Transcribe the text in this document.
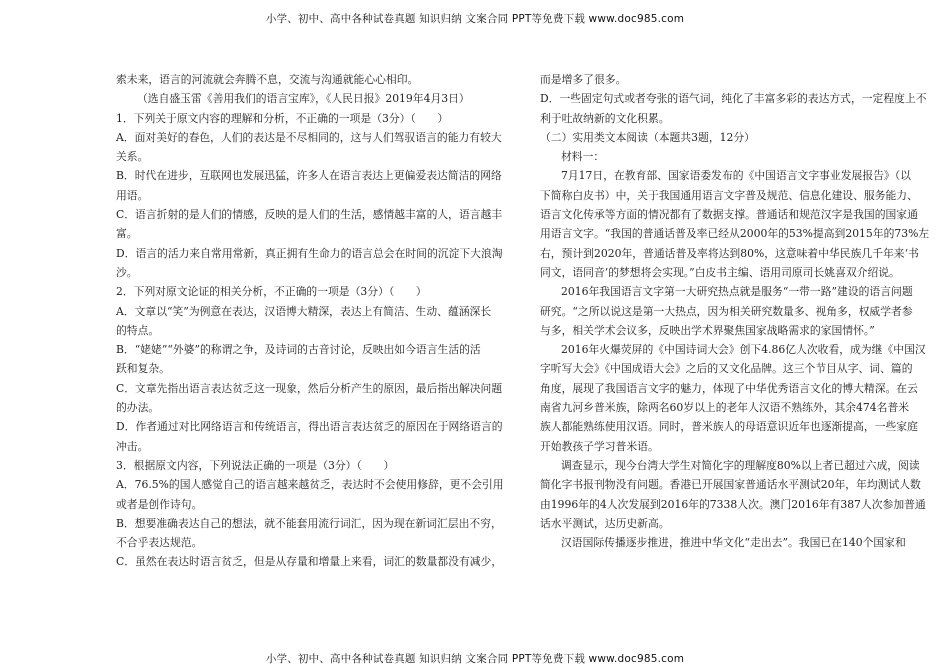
小学、初中、高中各种试卷真题 知识归纳 文案合同 PPT等免费下载 www.doc985.com
索未来，语言的河流就会奔腾不息，交流与沟通就能心心相印。
（选自盛玉雷《善用我们的语言宝库》，《人民日报》2019年4月3日）
1．下列关于原文内容的理解和分析，不正确的一项是（3分）（　　）
A．面对美好的春色，人们的表达是不尽相同的，这与人们驾驭语言的能力有较大
关系。
B．时代在进步，互联网也发展迅猛，许多人在语言表达上更偏爱表达简洁的网络
用语。
C．语言折射的是人们的情感，反映的是人们的生活，感情越丰富的人，语言越丰
富。
D．语言的活力来自常用常新，真正拥有生命力的语言总会在时间的沉淀下大浪淘
沙。
2．下列对原文论证的相关分析，不正确的一项是（3分）（　　）
A．文章以“笑”为例意在表达，汉语博大精深，表达上有简洁、生动、蕴涵深长
的特点。
B．“姥姥”“外婆”的称谓之争，及诗词的古音讨论，反映出如今语言生活的活
跃和复杂。
C．文章先指出语言表达贫乏这一现象，然后分析产生的原因，最后指出解决问题
的办法。
D．作者通过对比网络语言和传统语言，得出语言表达贫乏的原因在于网络语言的
冲击。
3．根据原文内容，下列说法正确的一项是（3分）（　　）
A．76.5%的国人感觉自己的语言越来越贫乏，表达时不会使用修辞，更不会引用
或者是创作诗句。
B．想要准确表达自己的想法，就不能套用流行词汇，因为现在新词汇层出不穷，
不合乎表达规范。
C．虽然在表达时语言贫乏，但是从存量和增量上来看，词汇的数量都没有减少，
而是增多了很多。
D．一些固定句式或者夸张的语气词，纯化了丰富多彩的表达方式，一定程度上不
利于吐故纳新的文化积累。
（二）实用类文本阅读（本题共3题，12分）
材料一：
7月17日，在教育部、国家语委发布的《中国语言文字事业发展报告》（以
下简称白皮书）中，关于我国通用语言文字普及规范、信息化建设、服务能力、
语言文化传承等方面的情况都有了数据支撑。普通话和规范汉字是我国的国家通
用语言文字。“我国的普通话普及率已经从2000年的53%提高到2015年的73%左
右，预计到2020年，普通话普及率将达到80%，这意味着中华民族几千年来‘书
同文，语同音’的梦想将会实现。”白皮书主编、语用司原司长姚喜双介绍说。
2016年我国语言文字第一大研究热点就是服务“一带一路”建设的语言问题
研究。“之所以说这是第一大热点，因为相关研究数量多、视角多，权威学者参
与多，相关学术会议多，反映出学术界聚焦国家战略需求的家国情怀。”
2016年火爆荧屏的《中国诗词大会》创下4.86亿人次收看，成为继《中国汉
字听写大会》《中国成语大会》之后的又文化品牌。这三个节目从字、词、篇的
角度，展现了我国语言文字的魅力，体现了中华优秀语言文化的博大精深。在云
南省九河乡普米族，除两名60岁以上的老年人汉语不熟练外，其余474名普米
族人都能熟练使用汉语。同时，普米族人的母语意识近年也逐渐提高，一些家庭
开始教孩子学习普米语。
调查显示，现今台湾大学生对简化字的理解度80%以上者已超过六成，阅读
简化字书报刊物没有问题。香港已开展国家普通话水平测试20年，年均测试人数
由1996年的4人次发展到2016年的7338人次。澳门2016年有387人次参加普通
话水平测试，达历史新高。
汉语国际传播逐步推进，推进中华文化“走出去”。我国已在140个国家和
小学、初中、高中各种试卷真题 知识归纳 文案合同 PPT等免费下载 www.doc985.com
